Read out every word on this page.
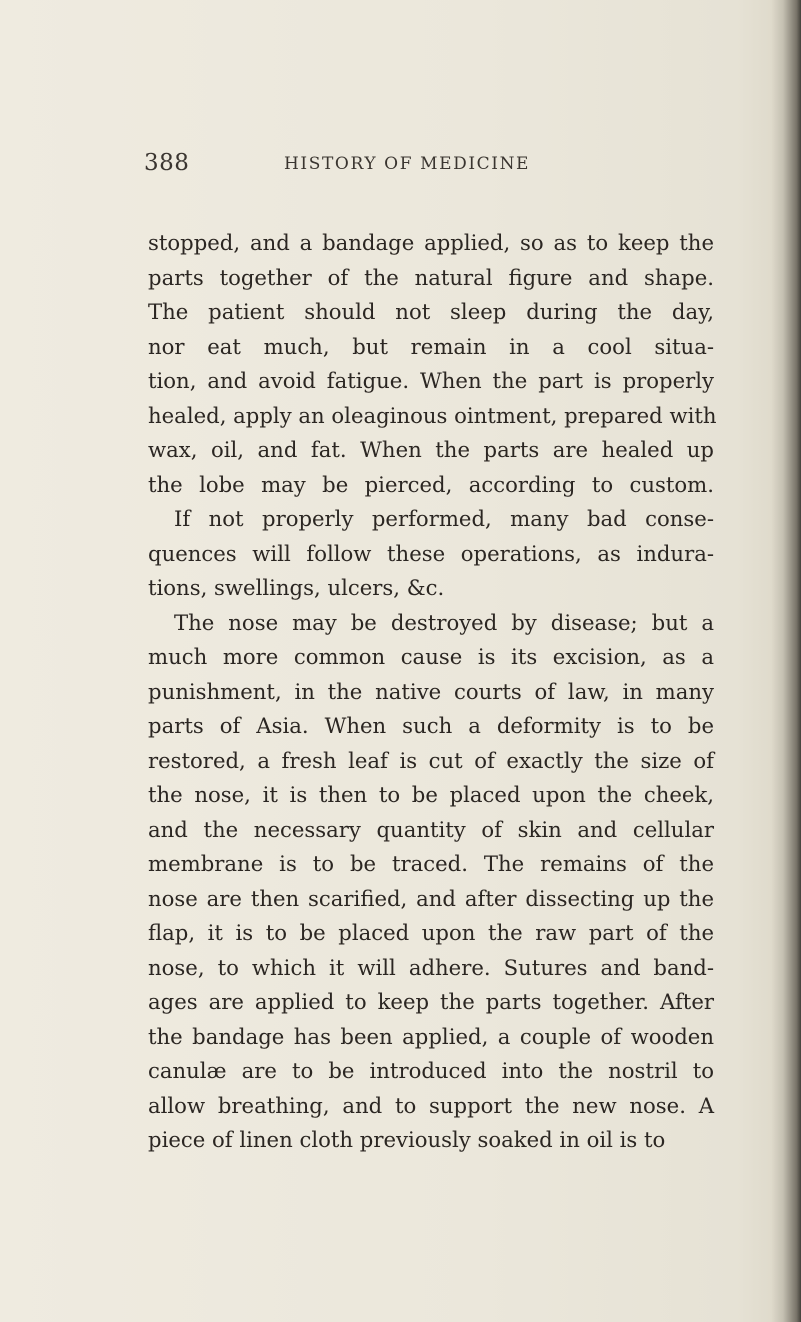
388	HISTORY OF MEDICINE
stopped, and a bandage applied, so as to keep the
parts together of the natural figure and shape.
The patient should not sleep during the day,
nor eat much, but remain in a cool situa-
tion, and avoid fatigue. When the part is properly
healed, apply an oleaginous ointment, prepared with
wax, oil, and fat. When the parts are healed up
the lobe may be pierced, according to custom.
If not properly performed, many bad conse-
quences will follow these operations, as indura-
tions, swellings, ulcers, &c.
The nose may be destroyed by disease; but a
much more common cause is its excision, as a
punishment, in the native courts of law, in many
parts of Asia. When such a deformity is to be
restored, a fresh leaf is cut of exactly the size of
the nose, it is then to be placed upon the cheek,
and the necessary quantity of skin and cellular
membrane is to be traced. The remains of the
nose are then scarified, and after dissecting up the
flap, it is to be placed upon the raw part of the
nose, to which it will adhere. Sutures and band-
ages are applied to keep the parts together. After
the bandage has been applied, a couple of wooden
canulæ are to be introduced into the nostril to
allow breathing, and to support the new nose. A
piece of linen cloth previously soaked in oil is to
